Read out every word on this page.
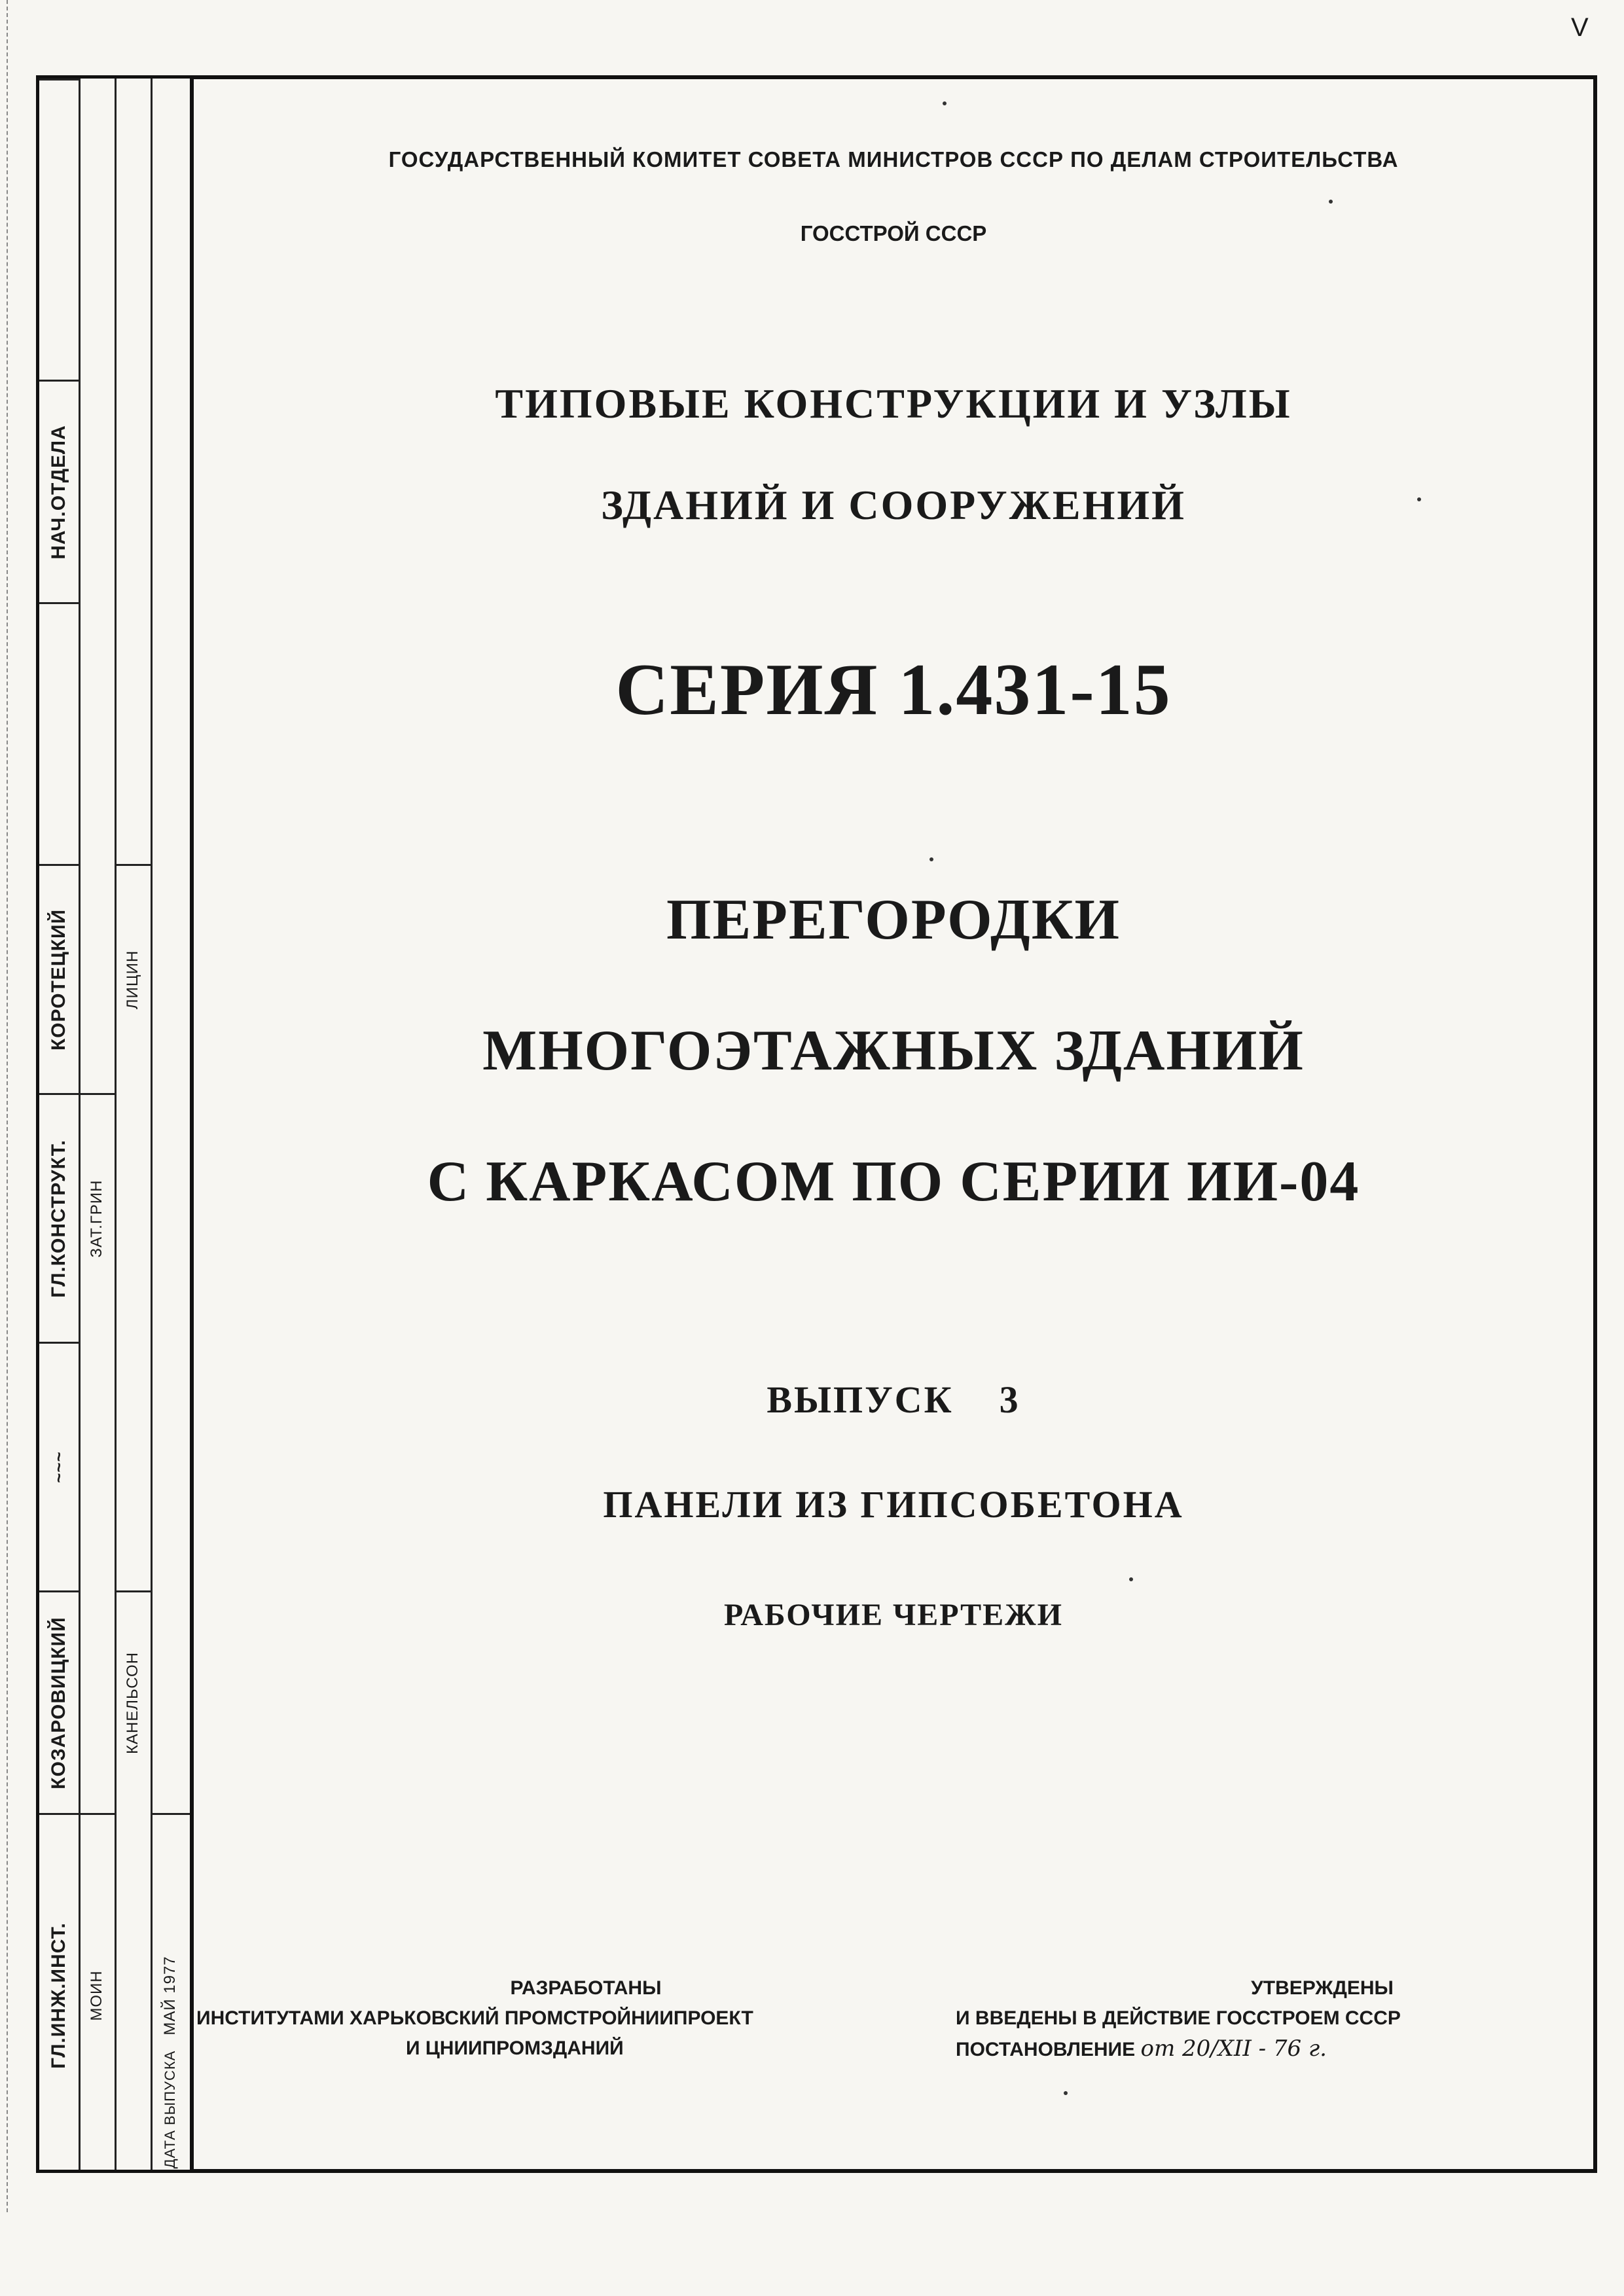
V
НАЧ.ОТДЕЛА
КОРОТЕЦКИЙ
ГЛ.КОНСТРУКТ.
~~~
КОЗАРОВИЦКИЙ
ГЛ.ИНЖ.ИНСТ.
ЗАТ.ГРИН
МОИН
ЛИЦИН
КАНЕЛЬСОН
МАЙ 1977
ДАТА ВЫПУСКА
ГОСУДАРСТВЕННЫЙ КОМИТЕТ СОВЕТА МИНИСТРОВ СССР ПО ДЕЛАМ СТРОИТЕЛЬСТВА
ГОССТРОЙ СССР
ТИПОВЫЕ КОНСТРУКЦИИ И УЗЛЫ
ЗДАНИЙ И СООРУЖЕНИЙ
СЕРИЯ 1.431-15
ПЕРЕГОРОДКИ
МНОГОЭТАЖНЫХ ЗДАНИЙ
С КАРКАСОМ ПО СЕРИИ ИИ-04
ВЫПУСК 3
ПАНЕЛИ ИЗ ГИПСОБЕТОНА
РАБОЧИЕ ЧЕРТЕЖИ
РАЗРАБОТАНЫ
ИНСТИТУТАМИ ХАРЬКОВСКИЙ ПРОМСТРОЙНИИПРОЕКТ
И ЦНИИПРОМЗДАНИЙ
УТВЕРЖДЕНЫ
И ВВЕДЕНЫ В ДЕЙСТВИЕ ГОССТРОЕМ СССР
ПОСТАНОВЛЕНИЕ от 20/XII - 76 г.
